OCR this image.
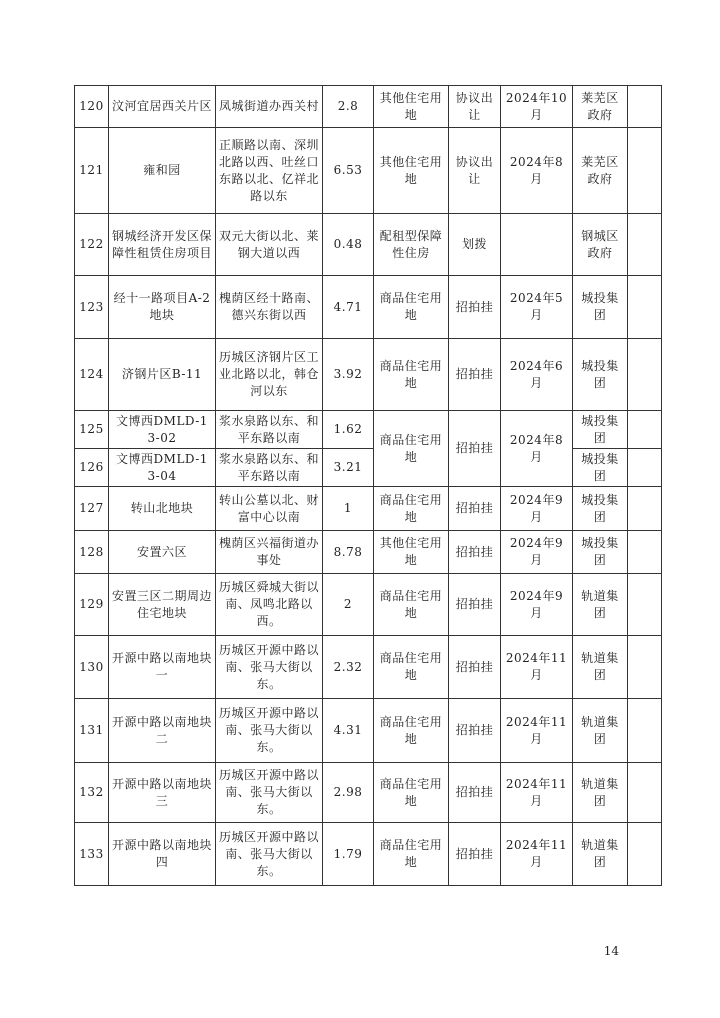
120	汶河宜居西关片区	凤城街道办西关村	2.8	其他住宅用地	协议出让	2024年10月	莱芜区政府	
121	雍和园	正顺路以南、深圳北路以西、吐丝口东路以北、亿祥北路以东	6.53	其他住宅用地	协议出让	2024年8月	莱芜区政府	
122	钢城经济开发区保障性租赁住房项目	双元大街以北、莱钢大道以西	0.48	配租型保障性住房	划拨		钢城区政府	
123	经十一路项目A-2地块	槐荫区经十路南、德兴东街以西	4.71	商品住宅用地	招拍挂	2024年5月	城投集团	
124	济钢片区B-11	历城区济钢片区工业北路以北，韩仓河以东	3.92	商品住宅用地	招拍挂	2024年6月	城投集团	
125	文博西DMLD-13-02	浆水泉路以东、和平东路以南	1.62	商品住宅用地	招拍挂	2024年8月	城投集团	
126	文博西DMLD-13-04	浆水泉路以东、和平东路以南	3.21				城投集团	
127	转山北地块	转山公墓以北、财富中心以南	1	商品住宅用地	招拍挂	2024年9月	城投集团	
128	安置六区	槐荫区兴福街道办事处	8.78	其他住宅用地	招拍挂	2024年9月	城投集团	
129	安置三区二期周边住宅地块	历城区舜城大街以南、凤鸣北路以西。	2	商品住宅用地	招拍挂	2024年9月	轨道集团	
130	开源中路以南地块一	历城区开源中路以南、张马大街以东。	2.32	商品住宅用地	招拍挂	2024年11月	轨道集团	
131	开源中路以南地块二	历城区开源中路以南、张马大街以东。	4.31	商品住宅用地	招拍挂	2024年11月	轨道集团	
132	开源中路以南地块三	历城区开源中路以南、张马大街以东。	2.98	商品住宅用地	招拍挂	2024年11月	轨道集团	
133	开源中路以南地块四	历城区开源中路以南、张马大街以东。	1.79	商品住宅用地	招拍挂	2024年11月	轨道集团	
14
